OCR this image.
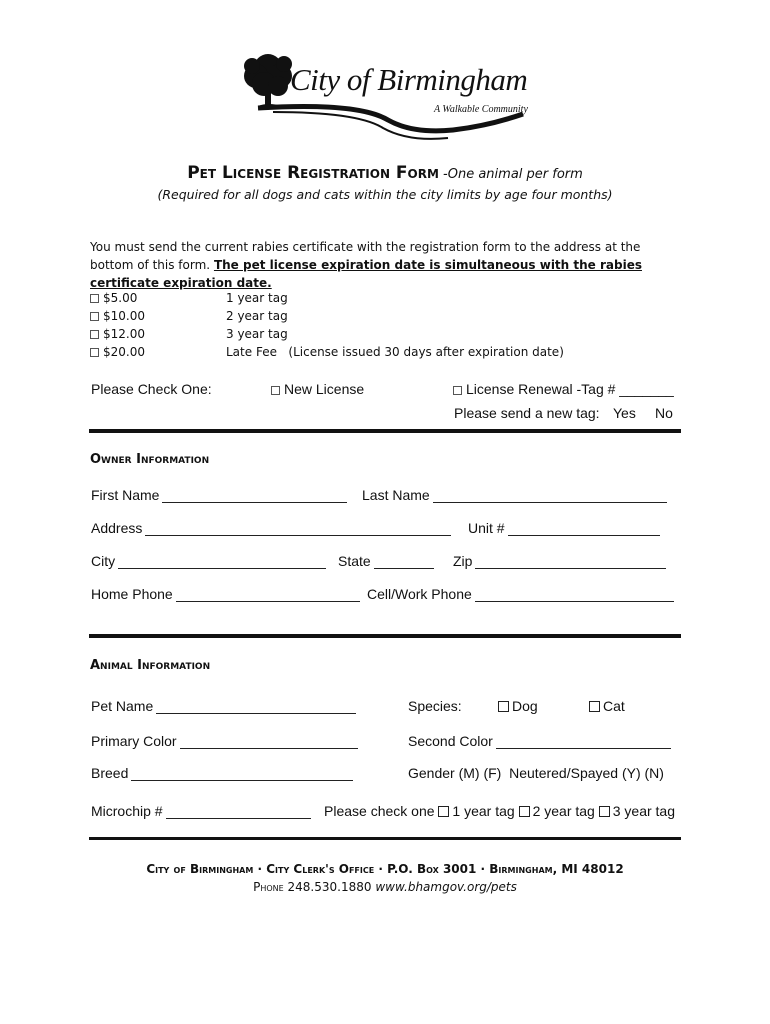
City of Birmingham
A Walkable Community
Pet License Registration Form -One animal per form
(Required for all dogs and cats within the city limits by age four months)
You must send the current rabies certificate with the registration form to the address at the bottom of this form. The pet license expiration date is simultaneous with the rabies certificate expiration date.
$5.00	1 year tag
$10.00	2 year tag
$12.00	3 year tag
$20.00	Late Fee   (License issued 30 days after expiration date)
Please Check One:	New License	License Renewal -Tag # _______
Please send a new tag: Yes No
Owner Information
First Name	Last Name
Address	Unit #
City	State	Zip
Home Phone	Cell/Work Phone
Animal Information
Pet Name	Species:	Dog	Cat
Primary Color	Second Color
Breed	Gender (M) (F)  Neutered/Spayed (Y) (N)
Microchip #	Please check one 1 year tag 2 year tag 3 year tag
City of Birmingham · City Clerk's Office · P.O. Box 3001 · Birmingham, MI 48012
Phone 248.530.1880 www.bhamgov.org/pets
